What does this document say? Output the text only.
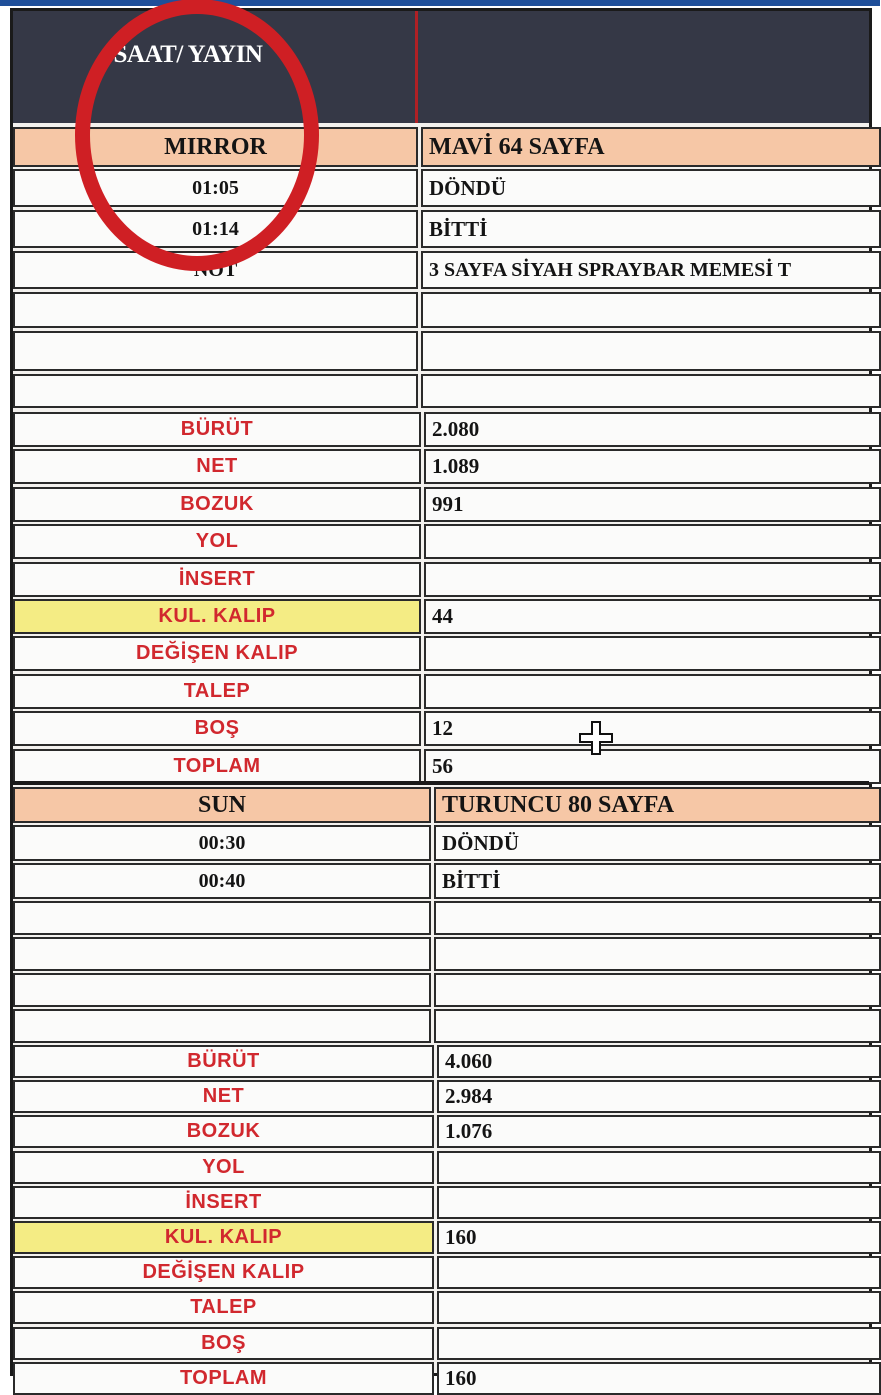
SAAT/ YAYIN
MIRROR	MAVİ 64 SAYFA
01:05	DÖNDÜ
01:14	BİTTİ
NOT	3 SAYFA SİYAH SPRAYBAR MEMESİ T
BÜRÜT	2.080
NET	1.089
BOZUK	991
YOL
İNSERT
KUL. KALIP	44
DEĞİŞEN KALIP
TALEP
BOŞ	12
TOPLAM	56
SUN	TURUNCU 80 SAYFA
00:30	DÖNDÜ
00:40	BİTTİ
BÜRÜT	4.060
NET	2.984
BOZUK	1.076
YOL
İNSERT
KUL. KALIP	160
DEĞİŞEN KALIP
TALEP
BOŞ
TOPLAM	160
